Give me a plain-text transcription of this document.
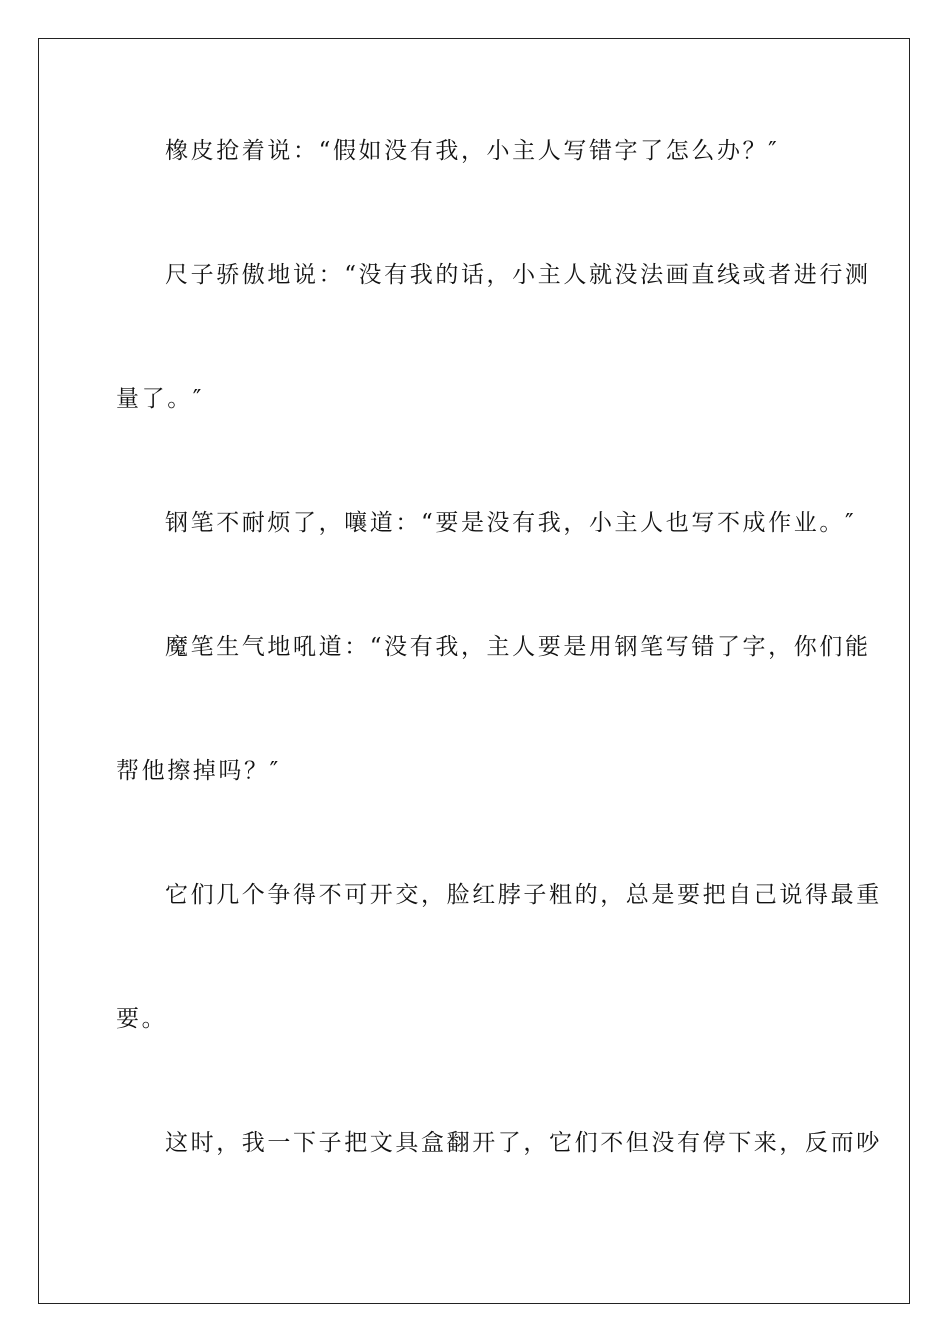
橡皮抢着说：“假如没有我，小主人写错字了怎么办？″
尺子骄傲地说：“没有我的话，小主人就没法画直线或者进行测
量了。″
钢笔不耐烦了，嚷道：“要是没有我，小主人也写不成作业。″
魔笔生气地吼道：“没有我，主人要是用钢笔写错了字，你们能
帮他擦掉吗？″
它们几个争得不可开交，脸红脖子粗的，总是要把自己说得最重
要。
这时，我一下子把文具盒翻开了，它们不但没有停下来，反而吵
